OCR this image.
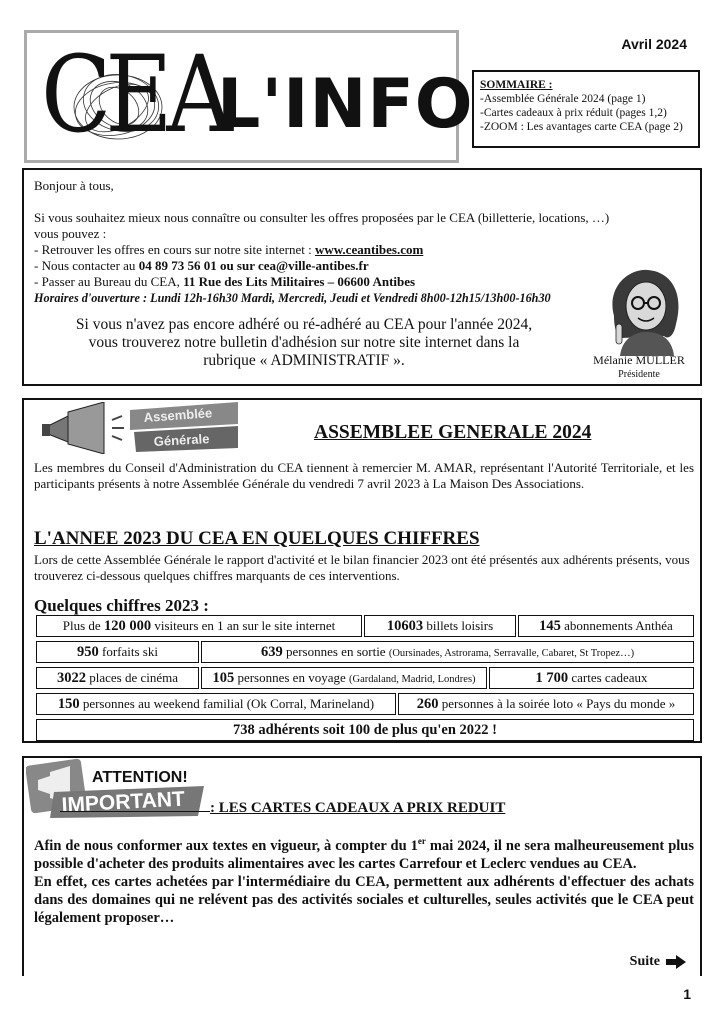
CEA
L'INFO
Avril 2024
SOMMAIRE :
-Assemblée Générale 2024 (page 1)
-Cartes cadeaux à prix réduit (pages 1,2)
-ZOOM : Les avantages carte CEA (page 2)

Bonjour à tous,

Si vous souhaitez mieux nous connaître ou consulter les offres proposées par le CEA (billetterie, locations, …)

vous pouvez :

- Retrouver les offres en cours sur notre site internet : www.ceantibes.com

- Nous contacter au 04 89 73 56 01 ou sur cea@ville-antibes.fr

- Passer au Bureau du CEA, 11 Rue des Lits Militaires – 06600 Antibes

Horaires d'ouverture : Lundi 12h-16h30 Mardi, Mercredi, Jeudi et Vendredi 8h00-12h15/13h00-16h30

Si vous n'avez pas encore adhéré ou ré-adhéré au CEA pour l'année 2024,
vous trouverez notre bulletin d'adhésion sur notre site internet dans la
rubrique « ADMINISTRATIF ».	Mélanie MULLER
Présidente
Assemblée
Générale	ASSEMBLEE GENERALE 2024
Les membres du Conseil d'Administration du CEA tiennent à remercier M. AMAR, représentant l'Autorité Territoriale, et les participants présents à notre Assemblée Générale du vendredi 7 avril 2023 à La Maison Des Associations.
L'ANNEE 2023 DU CEA EN QUELQUES CHIFFRES
Lors de cette Assemblée Générale le rapport d'activité et le bilan financier 2023 ont été présentés aux adhérents présents, vous trouverez ci-dessous quelques chiffres marquants de ces interventions.
Quelques chiffres 2023 :
Plus de 120 000 visiteurs en 1 an sur le site internet	10603 billets loisirs	145 abonnements Anthéa
950 forfaits ski	639 personnes en sortie (Oursinades, Astrorama, Serravalle, Cabaret, St Tropez…)
3022 places de cinéma	105 personnes en voyage (Gardaland, Madrid, Londres)	1 700 cartes cadeaux
150 personnes au weekend familial (Ok Corral, Marineland)	260 personnes à la soirée loto « Pays du monde »
738 adhérents soit 100 de plus qu'en 2022 !
ATTENTION!
IMPORTANT	: LES CARTES CADEAUX A PRIX REDUIT

Afin de nous conformer aux textes en vigueur, à compter du 1er mai 2024, il ne sera malheureusement plus possible d'acheter des produits alimentaires avec les cartes Carrefour et Leclerc vendues au CEA.

En effet, ces cartes achetées par l'intermédiaire du CEA, permettent aux adhérents d'effectuer des achats dans des domaines qui ne relévent pas des activités sociales et culturelles, seules activités que le CEA peut légalement proposer…

Suite
1
